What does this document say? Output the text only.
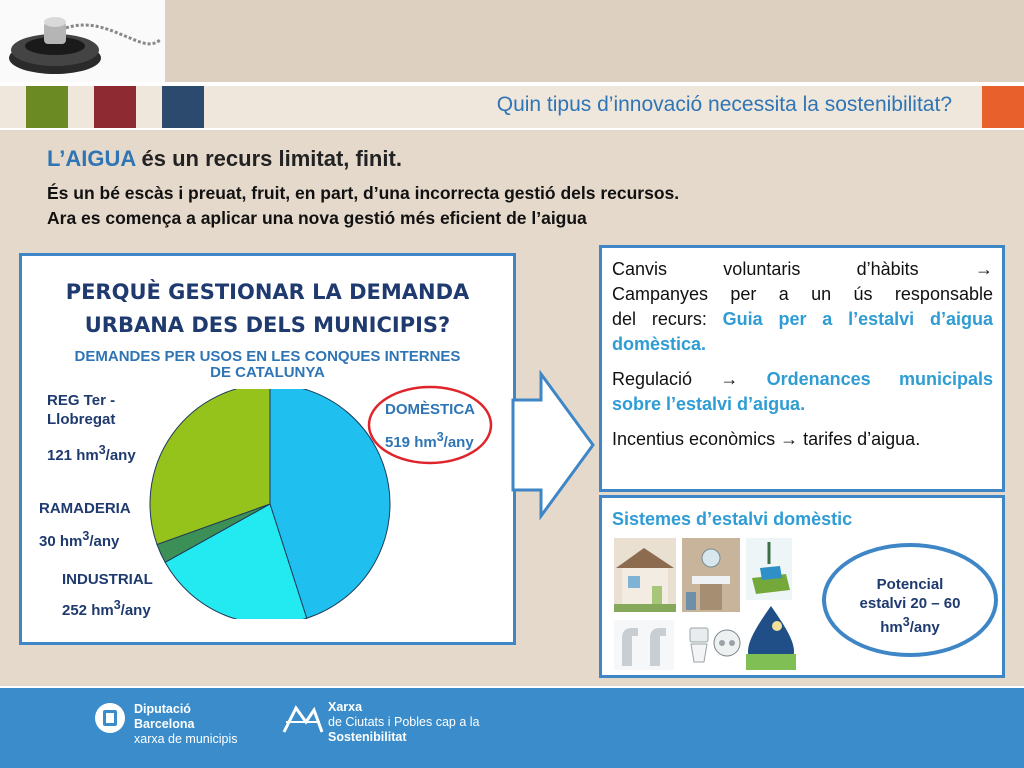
Quin tipus d’innovació necessita la sostenibilitat?
L’AIGUA és un recurs limitat, finit.
És un bé escàs i preuat, fruit, en part, d’una incorrecta gestió dels recursos.
Ara es comença a aplicar una nova gestió més eficient de l’aigua
PERQUÈ GESTIONAR LA DEMANDA
URBANA DES DELS MUNICIPIS?
DEMANDES PER USOS EN LES CONQUES INTERNES
DE CATALUNYA
REG Ter -
Llobregat
121 $hm^3$/any
RAMADERIA
30 $hm^3$/any
INDUSTRIAL
252 $hm^3$/any
DOMÈSTICA
519 $hm^3$/any

Canvis voluntaris d’hàbits	→
Campanyes per a un ús responsable
del recurs: Guia per a l’estalvi d’aigua
domèstica.

Regulació → Ordenances municipals
sobre l’estalvi d’aigua.

Incentius econòmics → tarifes d’aigua.

Sistemes d’estalvi domèstic
Potencial
estalvi 20 – 60
$hm^3$/any
Diputació
Barcelona
xarxa de municipis
Xarxa
de Ciutats i Pobles cap a la
Sostenibilitat
